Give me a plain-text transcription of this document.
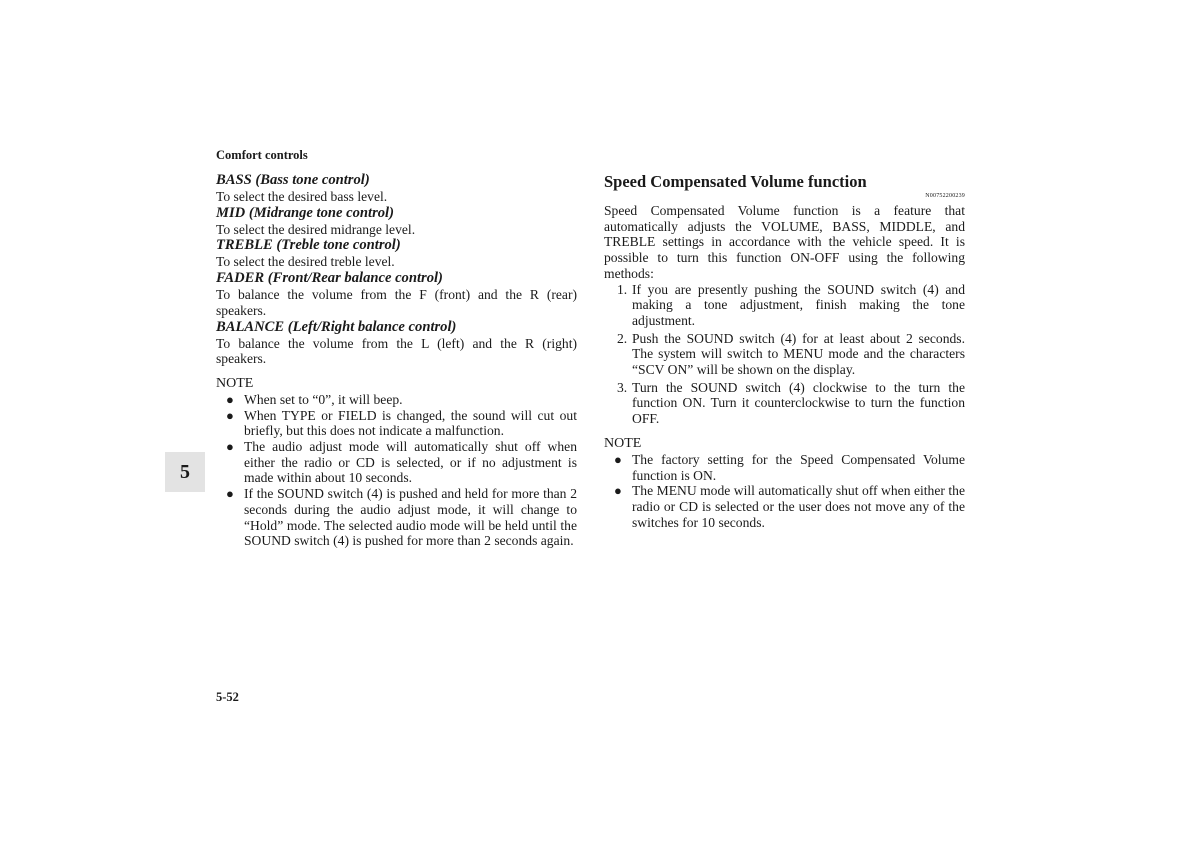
Comfort controls
BASS (Bass tone control)

To select the desired bass level.

MID (Midrange tone control)

To select the desired midrange level.

TREBLE (Treble tone control)

To select the desired treble level.

FADER (Front/Rear balance control)

To balance the volume from the F (front) and the R (rear) speakers.

BALANCE (Left/Right balance control)

To balance the volume from the L (left) and the R (right) speakers.

NOTE
● When set to “0”, it will beep.
● When TYPE or FIELD is changed, the sound will cut out briefly, but this does not indicate a malfunction.
● The audio adjust mode will automatically shut off when either the radio or CD is selected, or if no adjustment is made within about 10 seconds.
● If the SOUND switch (4) is pushed and held for more than 2 seconds during the audio adjust mode, it will change to “Hold” mode. The selected audio mode will be held until the SOUND switch (4) is pushed for more than 2 seconds again.
Speed Compensated Volume function
N00752200239

Speed Compensated Volume function is a feature that automatically adjusts the VOLUME, BASS, MIDDLE, and TREBLE settings in accordance with the vehicle speed. It is possible to turn this function ON-OFF using the following methods:

1. If you are presently pushing the SOUND switch (4) and making a tone adjustment, finish making the tone adjustment.
2. Push the SOUND switch (4) for at least about 2 seconds. The system will switch to MENU mode and the characters “SCV ON” will be shown on the display.
3. Turn the SOUND switch (4) clockwise to the turn the function ON. Turn it counterclockwise to turn the function OFF.
NOTE
● The factory setting for the Speed Compensated Volume function is ON.
● The MENU mode will automatically shut off when either the radio or CD is selected or the user does not move any of the switches for 10 seconds.
5
5-52
